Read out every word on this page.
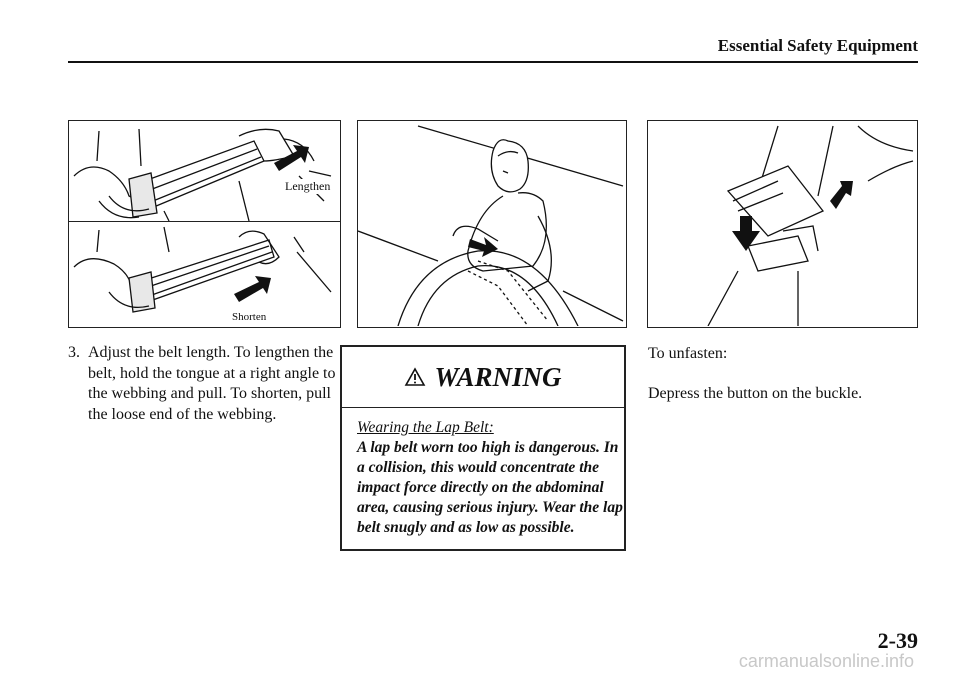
Essential Safety Equipment
Lengthen
Shorten
3. Adjust the belt length. To lengthen the belt, hold the tongue at a right angle to the webbing and pull. To shorten, pull the loose end of the webbing.
WARNING
Wearing the Lap Belt:
A lap belt worn too high is dangerous. In a collision, this would concentrate the impact force directly on the abdominal area, causing serious injury. Wear the lap belt snugly and as low as possible.
To unfasten:
Depress the button on the buckle.
2-39
carmanualsonline.info
